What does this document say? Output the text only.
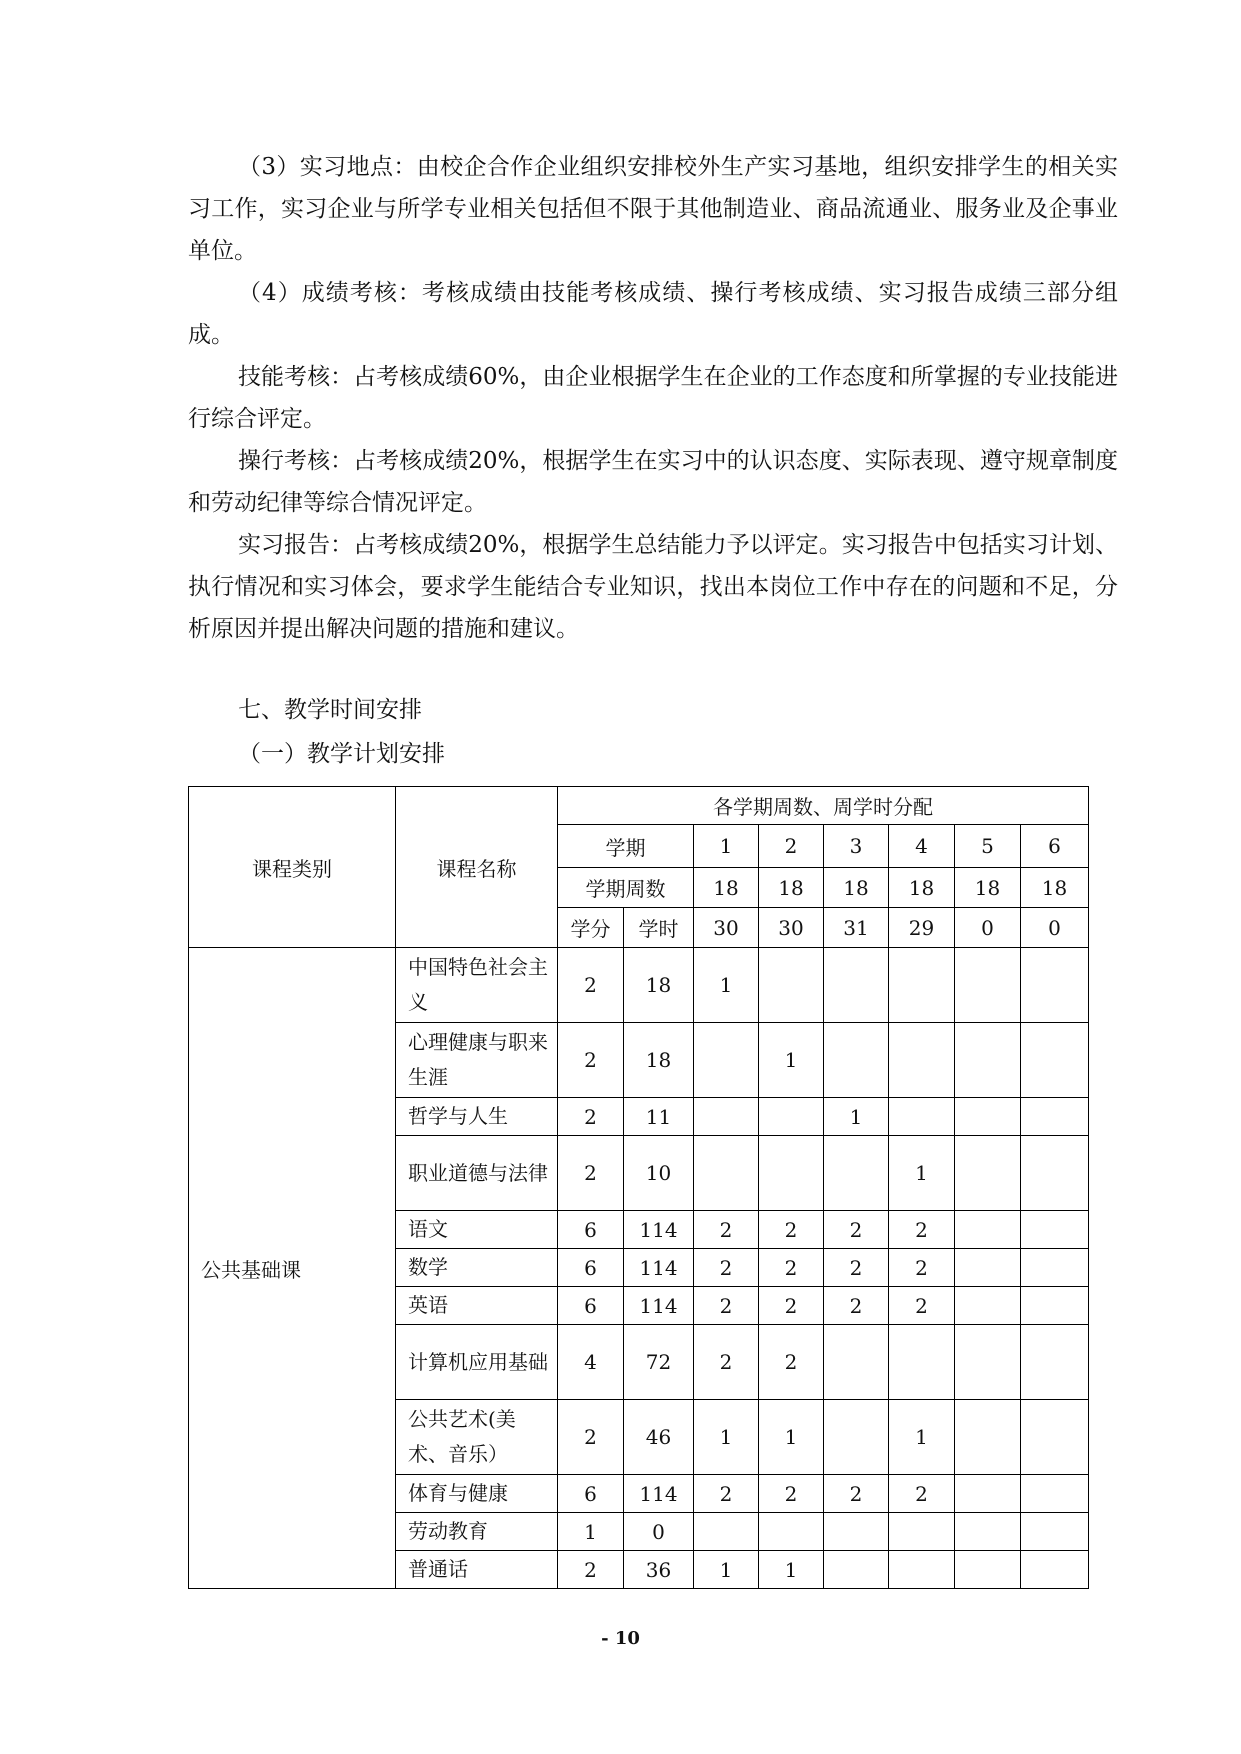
（3）实习地点：由校企合作企业组织安排校外生产实习基地，组织安排学生的相关实习工作，实习企业与所学专业相关包括但不限于其他制造业、商品流通业、服务业及企事业单位。

（4）成绩考核：考核成绩由技能考核成绩、操行考核成绩、实习报告成绩三部分组成。

技能考核：占考核成绩60%，由企业根据学生在企业的工作态度和所掌握的专业技能进行综合评定。

操行考核：占考核成绩20%，根据学生在实习中的认识态度、实际表现、遵守规章制度和劳动纪律等综合情况评定。

实习报告：占考核成绩20%，根据学生总结能力予以评定。实习报告中包括实习计划、执行情况和实习体会，要求学生能结合专业知识，找出本岗位工作中存在的问题和不足，分析原因并提出解决问题的措施和建议。

七、教学时间安排

（一）教学计划安排

课程类别	课程名称	各学期周数、周学时分配							
		学期		1	2	3	4	5	6
		学期周数		18	18	18	18	18	18
		学分	学时	30	30	31	29	0	0
公共基础课	中国特色社会主义	2	18	1					
	心理健康与职来生涯	2	18		1				
	哲学与人生	2	11			1			
	职业道德与法律	2	10				1		
	语文	6	114	2	2	2	2		
	数学	6	114	2	2	2	2		
	英语	6	114	2	2	2	2		
	计算机应用基础	4	72	2	2				
	公共艺术(美术、音乐）	2	46	1	1		1		
	体育与健康	6	114	2	2	2	2		
	劳动教育	1	0						
	普通话	2	36	1	1				
- 10
